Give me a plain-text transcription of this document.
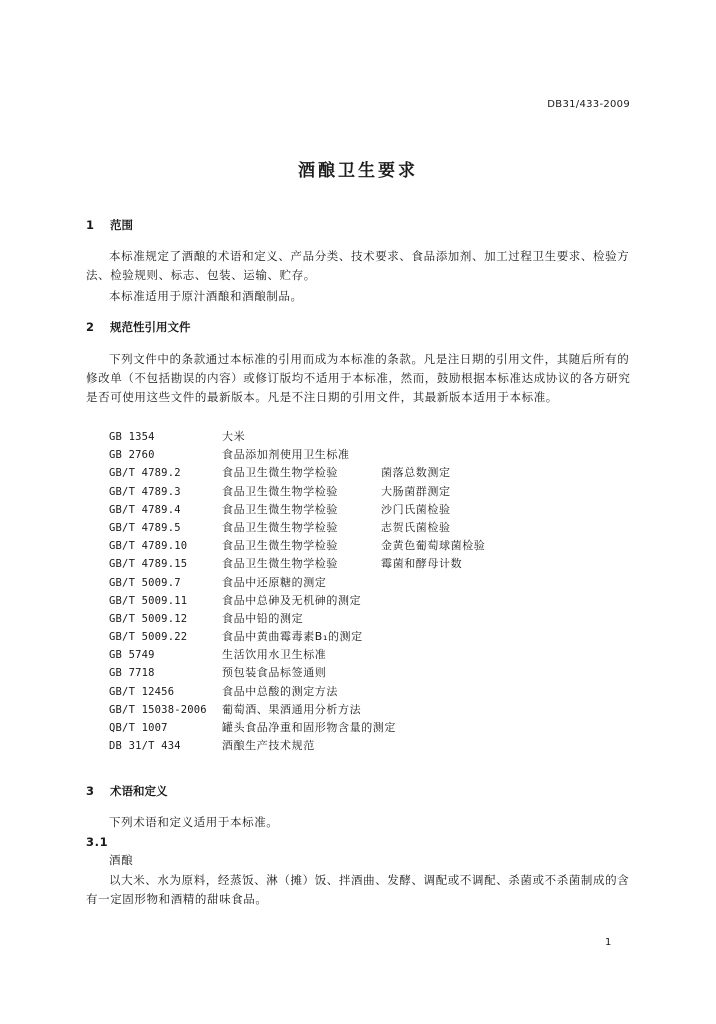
DB31/433-2009
酒酿卫生要求
1 范围
本标准规定了酒酿的术语和定义、产品分类、技术要求、食品添加剂、加工过程卫生要求、检验方法、检验规则、标志、包装、运输、贮存。
本标准适用于原汁酒酿和酒酿制品。
2 规范性引用文件
下列文件中的条款通过本标准的引用而成为本标准的条款。凡是注日期的引用文件，其随后所有的修改单（不包括勘误的内容）或修订版均不适用于本标准，然而，鼓励根据本标准达成协议的各方研究是否可使用这些文件的最新版本。凡是不注日期的引用文件，其最新版本适用于本标准。
GB 1354	大米
GB 2760	食品添加剂使用卫生标准
GB/T 4789.2	食品卫生微生物学检验	菌落总数测定
GB/T 4789.3	食品卫生微生物学检验	大肠菌群测定
GB/T 4789.4	食品卫生微生物学检验	沙门氏菌检验
GB/T 4789.5	食品卫生微生物学检验	志贺氏菌检验
GB/T 4789.10	食品卫生微生物学检验	金黄色葡萄球菌检验
GB/T 4789.15	食品卫生微生物学检验	霉菌和酵母计数
GB/T 5009.7	食品中还原糖的测定
GB/T 5009.11	食品中总砷及无机砷的测定
GB/T 5009.12	食品中铅的测定
GB/T 5009.22	食品中黄曲霉毒素B₁的测定
GB 5749	生活饮用水卫生标准
GB 7718	预包装食品标签通则
GB/T 12456	食品中总酸的测定方法
GB/T 15038-2006 葡萄酒、果酒通用分析方法
QB/T 1007	罐头食品净重和固形物含量的测定
DB 31/T 434	酒酿生产技术规范
3 术语和定义
下列术语和定义适用于本标准。
3.1
酒酿
以大米、水为原料，经蒸饭、淋（摊）饭、拌酒曲、发酵、调配或不调配、杀菌或不杀菌制成的含有一定固形物和酒精的甜味食品。
1
